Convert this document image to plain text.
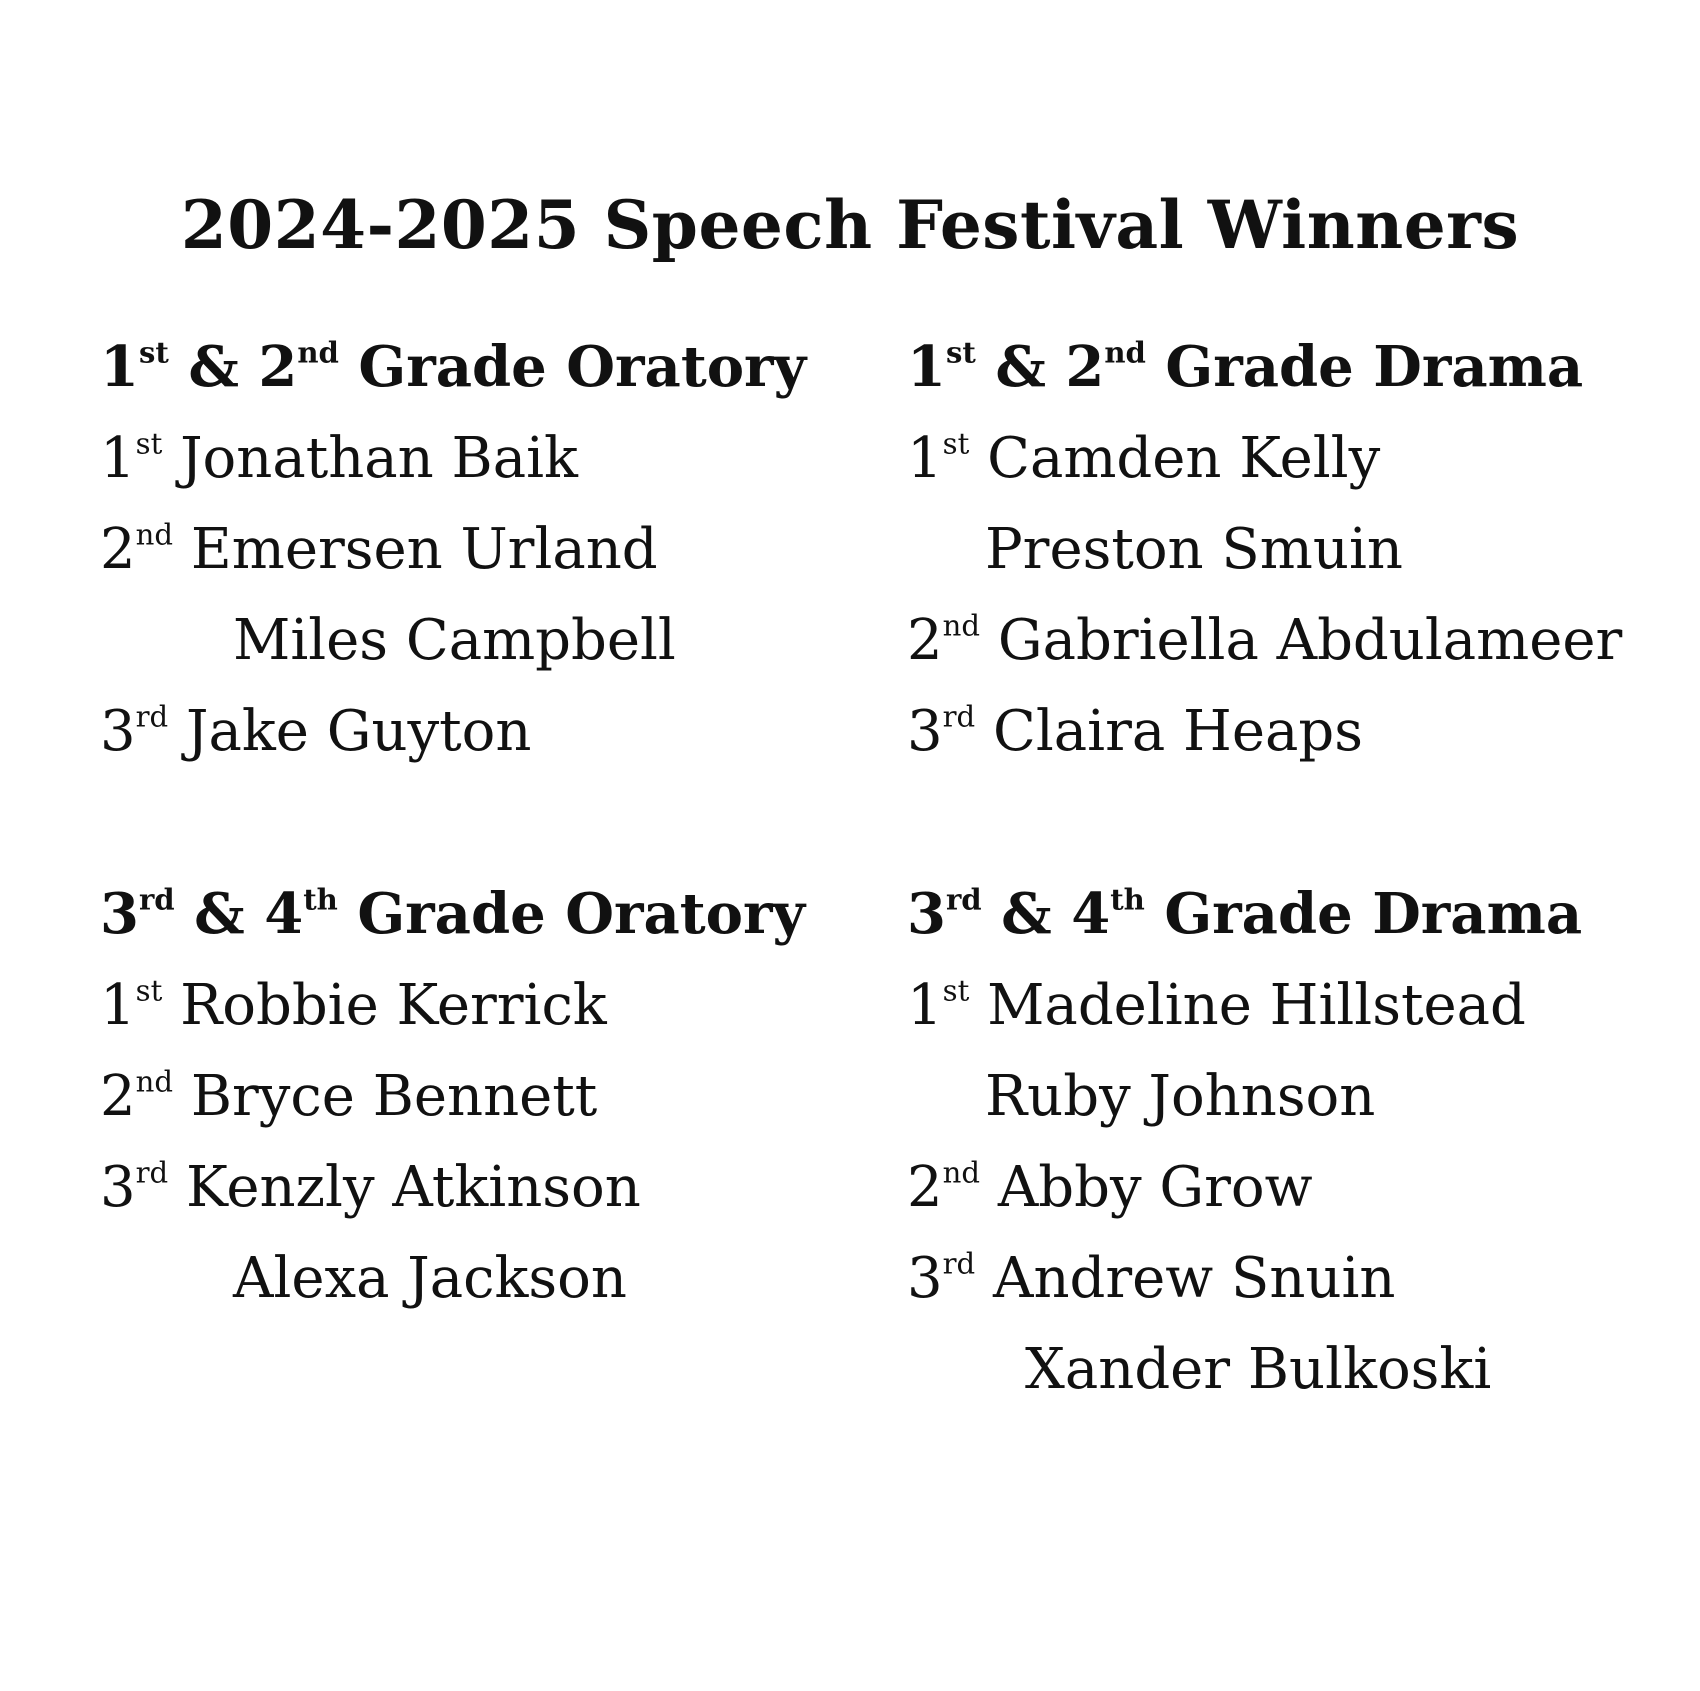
2024-2025 Speech Festival Winners
1st & 2nd Grade Oratory
1st Jonathan Baik
2nd Emersen Urland
Miles Campbell
3rd Jake Guyton
1st & 2nd Grade Drama
1st Camden Kelly
Preston Smuin
2nd Gabriella Abdulameer
3rd Claira Heaps
3rd & 4th Grade Oratory
1st Robbie Kerrick
2nd Bryce Bennett
3rd Kenzly Atkinson
Alexa Jackson
3rd & 4th Grade Drama
1st Madeline Hillstead
Ruby Johnson
2nd Abby Grow
3rd Andrew Snuin
Xander Bulkoski
